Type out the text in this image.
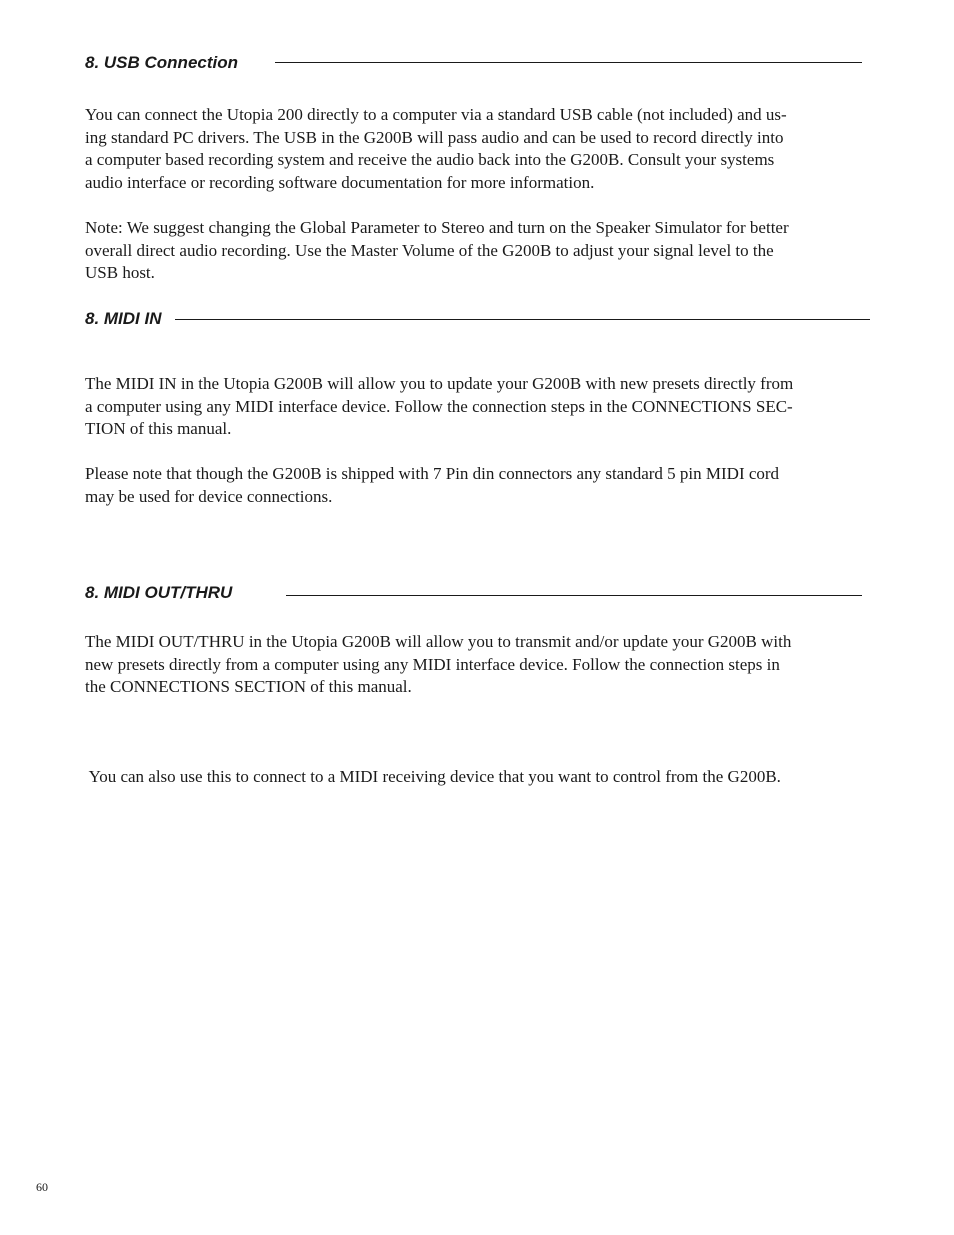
8. USB Connection

You can connect the Utopia 200 directly to a computer via a standard USB cable (not included) and us-
ing standard PC drivers. The USB in the G200B will pass audio and can be used to record directly into
a computer based recording system and receive the audio back into the G200B. Consult your systems
audio interface or recording software documentation for more information.

Note: We suggest changing the Global Parameter to Stereo and turn on the Speaker Simulator for better
overall direct audio recording. Use the Master Volume of the G200B to adjust your signal level to the
USB host.

8. MIDI IN

The MIDI IN in the Utopia G200B will allow you to update your G200B with new presets directly from
a computer using any MIDI interface device. Follow the connection steps in the CONNECTIONS SEC-
TION of this manual.

Please note that though the G200B is shipped with 7 Pin din connectors any standard 5 pin MIDI cord
may be used for device connections.

8. MIDI OUT/THRU

The MIDI OUT/THRU in the Utopia G200B will allow you to transmit and/or update your G200B with
new presets directly from a computer using any MIDI interface device. Follow the connection steps in
the CONNECTIONS SECTION of this manual.

You can also use this to connect to a MIDI receiving device that you want to control from the G200B.

60
